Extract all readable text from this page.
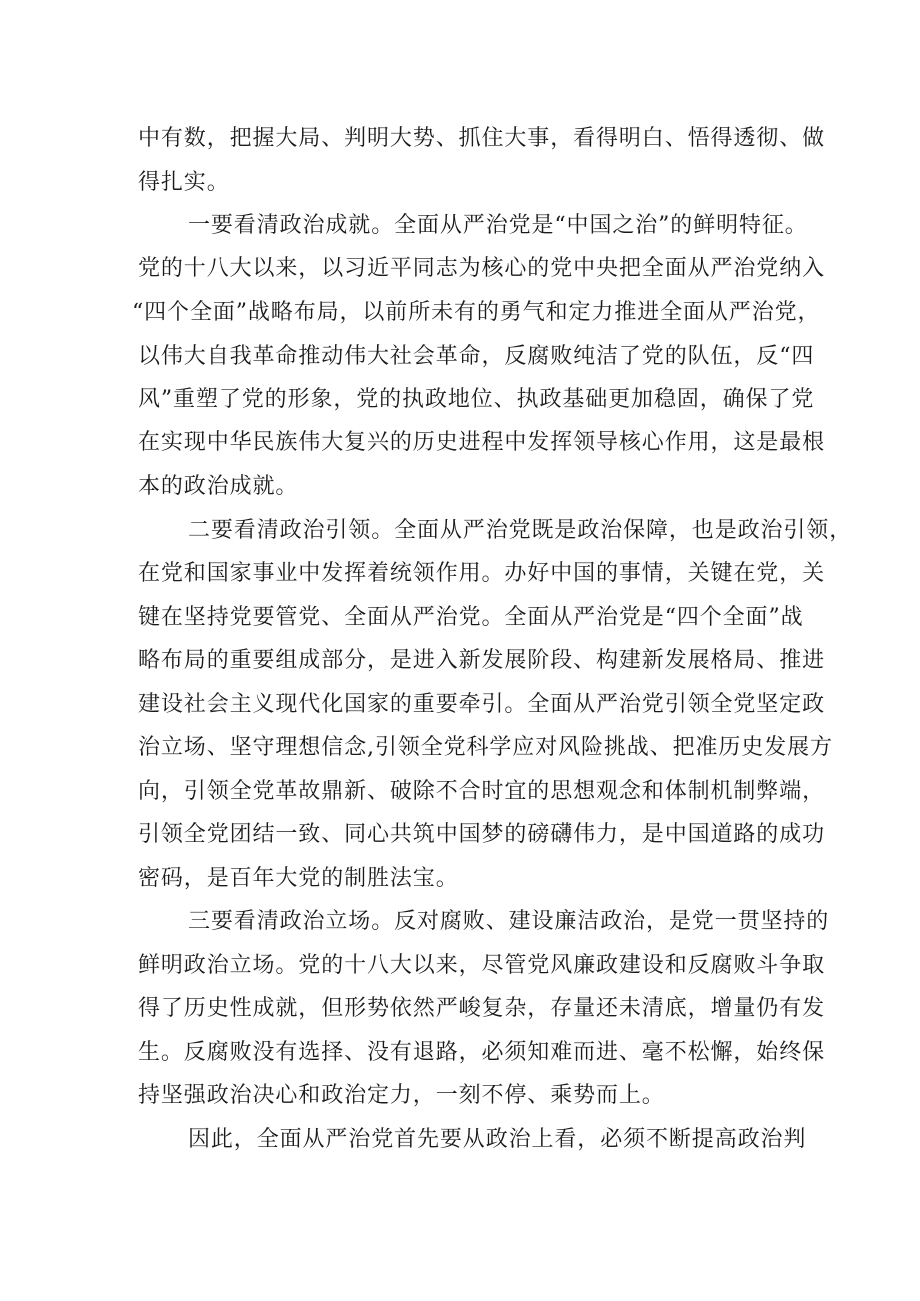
中有数，把握大局、判明大势、抓住大事，看得明白、悟得透彻、做
得扎实。
一要看清政治成就。全面从严治党是“中国之治”的鲜明特征。
党的十八大以来，以习近平同志为核心的党中央把全面从严治党纳入
“四个全面”战略布局，以前所未有的勇气和定力推进全面从严治党，
以伟大自我革命推动伟大社会革命，反腐败纯洁了党的队伍，反“四
风”重塑了党的形象，党的执政地位、执政基础更加稳固，确保了党
在实现中华民族伟大复兴的历史进程中发挥领导核心作用，这是最根
本的政治成就。
二要看清政治引领。全面从严治党既是政治保障，也是政治引领，
在党和国家事业中发挥着统领作用。办好中国的事情，关键在党，关
键在坚持党要管党、全面从严治党。全面从严治党是“四个全面”战
略布局的重要组成部分，是进入新发展阶段、构建新发展格局、推进
建设社会主义现代化国家的重要牵引。全面从严治党引领全党坚定政
治立场、坚守理想信念,引领全党科学应对风险挑战、把准历史发展方
向，引领全党革故鼎新、破除不合时宜的思想观念和体制机制弊端，
引领全党团结一致、同心共筑中国梦的磅礴伟力，是中国道路的成功
密码，是百年大党的制胜法宝。
三要看清政治立场。反对腐败、建设廉洁政治，是党一贯坚持的
鲜明政治立场。党的十八大以来，尽管党风廉政建设和反腐败斗争取
得了历史性成就，但形势依然严峻复杂，存量还未清底，增量仍有发
生。反腐败没有选择、没有退路，必须知难而进、毫不松懈，始终保
持坚强政治决心和政治定力，一刻不停、乘势而上。
因此，全面从严治党首先要从政治上看，必须不断提高政治判
